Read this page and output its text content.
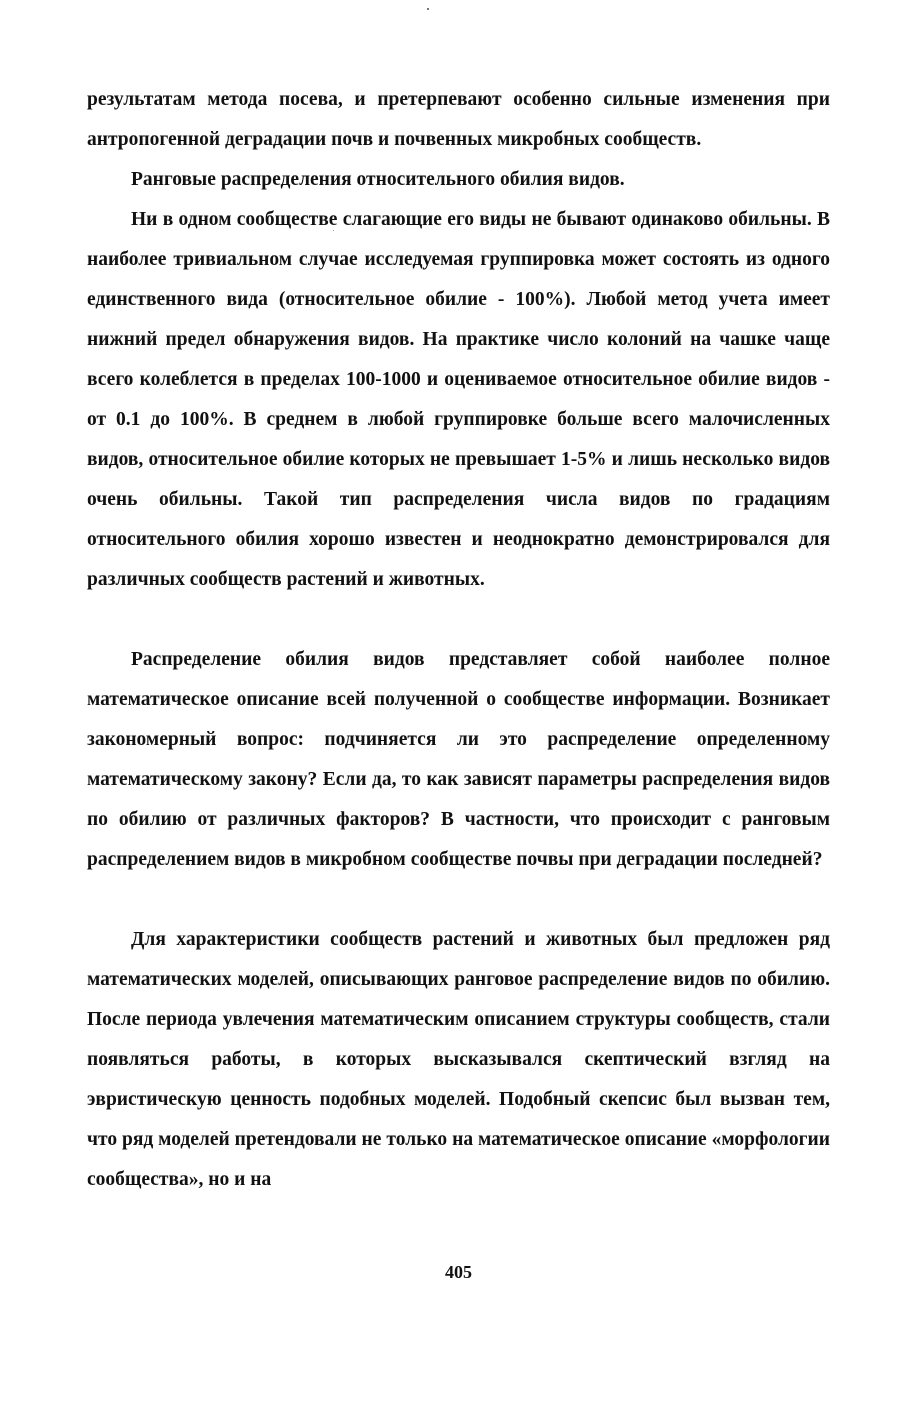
результатам метода посева, и претерпевают особенно сильные изменения при антропогенной деградации почв и почвенных микробных сообществ.

Ранговые распределения относительного обилия видов.

Ни в одном сообществе слагающие его виды не бывают одинаково обильны. В наиболее тривиальном случае исследуемая группировка может состоять из одного единственного вида (относительное обилие - 100%). Любой метод учета имеет нижний предел обнаружения видов. На практике число колоний на чашке чаще всего колеблется в пределах 100-1000 и оцениваемое относительное обилие видов - от 0.1 до 100%. В среднем в любой группировке больше всего малочисленных видов, относительное обилие которых не превышает 1-5% и лишь несколько видов очень обильны. Такой тип распределения числа видов по градациям относительного обилия хорошо известен и неоднократно демонстрировался для различных сообществ растений и животных.

Распределение обилия видов представляет собой наиболее полное математическое описание всей полученной о сообществе информации. Возникает закономерный вопрос: подчиняется ли это распределение определенному математическому закону? Если да, то как зависят параметры распределения видов по обилию от различных факторов? В частности, что происходит с ранговым распределением видов в микробном сообществе почвы при деградации последней?

Для характеристики сообществ растений и животных был предложен ряд математических моделей, описывающих ранговое распределение видов по обилию. После периода увлечения математическим описанием структуры сообществ, стали появляться работы, в которых высказывался скептический взгляд на эвристическую ценность подобных моделей. Подобный скепсис был вызван тем, что ряд моделей претендовали не только на математическое описание «морфологии сообщества», но и на

405
